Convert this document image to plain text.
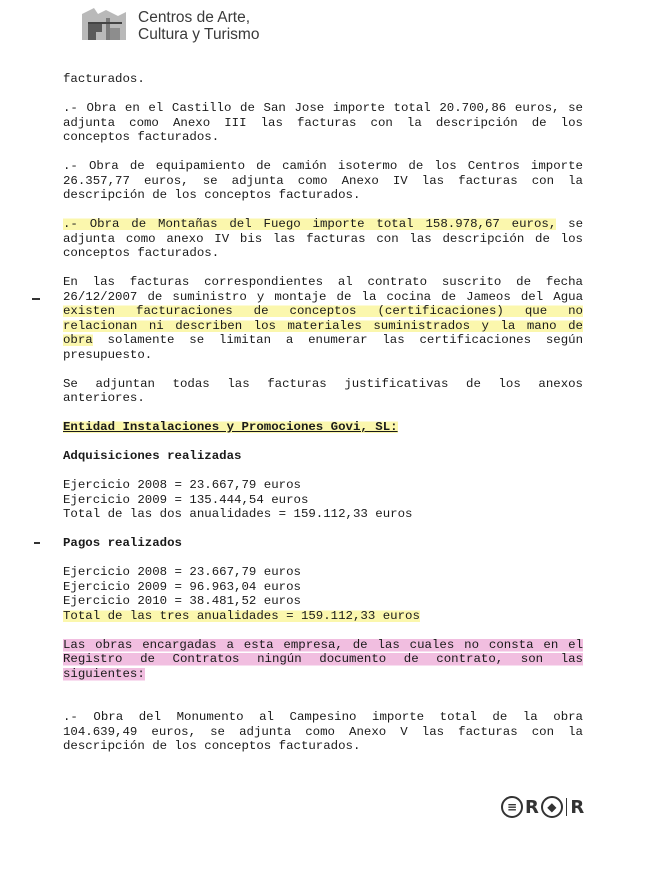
Centros de Arte,
Cultura y Turismo

facturados.

.- Obra en el Castillo de San Jose importe total 20.700,86 euros, se adjunta como Anexo III las facturas con la descripción de los conceptos facturados.

.- Obra de equipamiento de camión isotermo de los Centros importe 26.357,77 euros, se adjunta como Anexo IV las facturas con la descripción de los conceptos facturados.

.- Obra de Montañas del Fuego importe total 158.978,67 euros, se adjunta como anexo IV bis las facturas con las descripción de los conceptos facturados.

En las facturas correspondientes al contrato suscrito de fecha 26/12/2007 de suministro y montaje de la cocina de Jameos del Agua existen facturaciones de conceptos (certificaciones) que no relacionan ni describen los materiales suministrados y la mano de obra solamente se limitan a enumerar las certificaciones según presupuesto.

Se adjuntan todas las facturas justificativas de los anexos anteriores.

Entidad Instalaciones y Promociones Govi, SL:

Adquisiciones realizadas

Ejercicio 2008 = 23.667,79 euros
Ejercicio 2009 = 135.444,54 euros
Total de las dos anualidades = 159.112,33 euros

Pagos realizados

Ejercicio 2008 = 23.667,79 euros
Ejercicio 2009 = 96.963,04 euros
Ejercicio 2010 = 38.481,52 euros
Total de las tres anualidades = 159.112,33 euros

Las obras encargadas a esta empresa, de las cuales no consta en el Registro de Contratos ningún documento de contrato, son las siguientes:

.- Obra del Monumento al Campesino importe total de la obra 104.639,49 euros, se adjunta como Anexo V las facturas con la descripción de los conceptos facturados.

≡ R ◆ R
